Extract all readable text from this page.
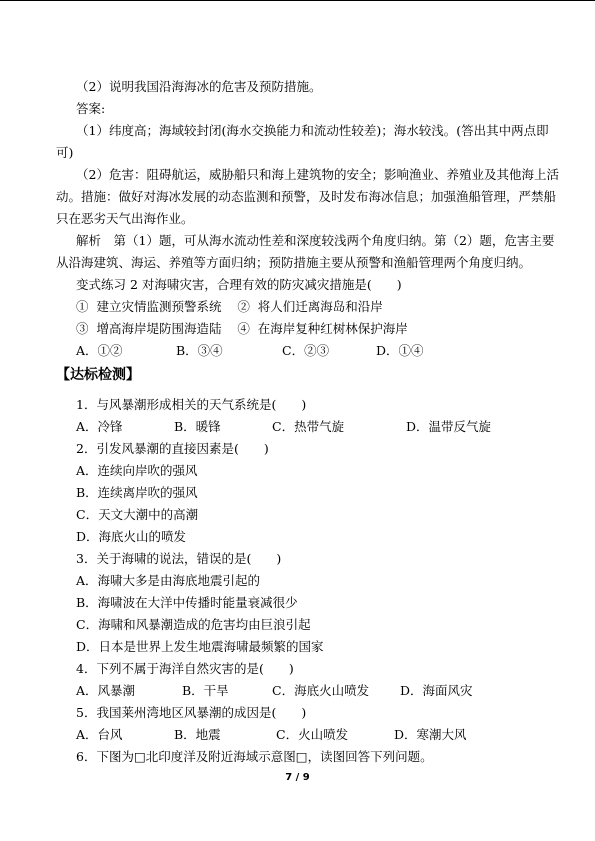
（2）说明我国沿海海冰的危害及预防措施。
答案:
（1）纬度高；海域较封闭(海水交换能力和流动性较差)；海水较浅。(答出其中两点即
可)
（2）危害：阻碍航运，威胁船只和海上建筑物的安全；影响渔业、养殖业及其他海上活
动。措施：做好对海冰发展的动态监测和预警，及时发布海冰信息；加强渔船管理，严禁船
只在恶劣天气出海作业。
解析　第（1）题，可从海水流动性差和深度较浅两个角度归纳。第（2）题，危害主要
从沿海建筑、海运、养殖等方面归纳；预防措施主要从预警和渔船管理两个角度归纳。
变式练习 2 对海啸灾害，合理有效的防灾减灾措施是(　　)
①  建立灾情监测预警系统    ②  将人们迁离海岛和沿岸
③  增高海岸堤防围海造陆    ④  在海岸复种红树林保护海岸
A．①②	B．③④	C．②③	D．①④
【达标检测】
1．与风暴潮形成相关的天气系统是(　　)
A．冷锋	B．暖锋	C．热带气旋	D．温带反气旋
2．引发风暴潮的直接因素是(　　)
A．连续向岸吹的强风
B．连续离岸吹的强风
C．天文大潮中的高潮
D．海底火山的喷发
3．关于海啸的说法，错误的是(　　)
A．海啸大多是由海底地震引起的
B．海啸波在大洋中传播时能量衰减很少
C．海啸和风暴潮造成的危害均由巨浪引起
D．日本是世界上发生地震海啸最频繁的国家
4．下列不属于海洋自然灾害的是(　　)
A．风暴潮	B．干旱	C．海底火山喷发	D．海面风灾
5．我国莱州湾地区风暴潮的成因是(　　)
A．台风	B．地震	C．火山喷发	D．寒潮大风
6．下图为□北印度洋及附近海域示意图□，读图回答下列问题。
7 / 9
